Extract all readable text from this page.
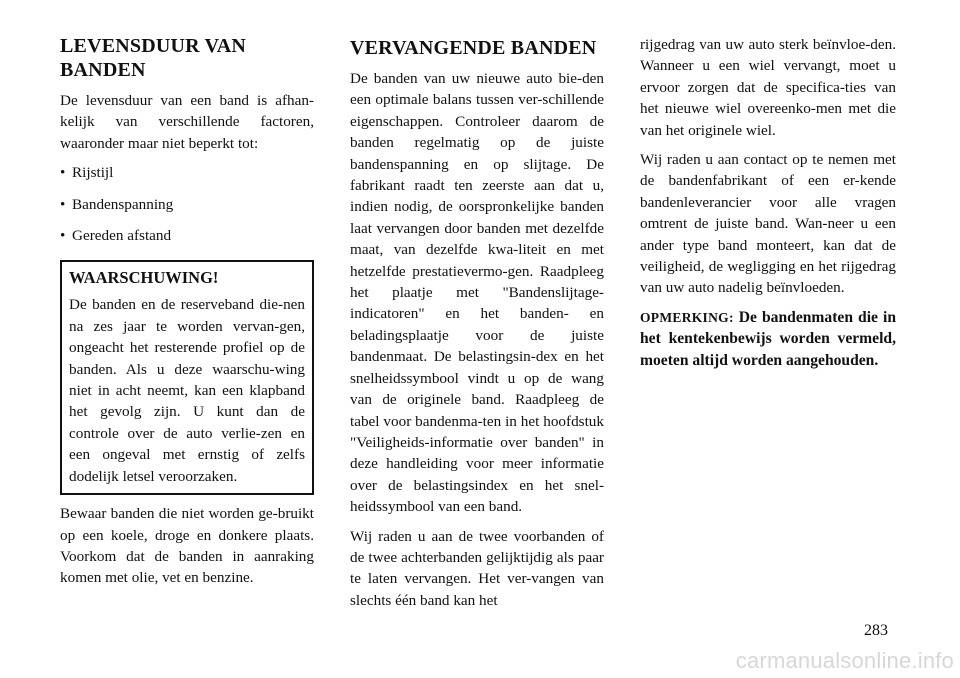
LEVENSDUUR VAN
BANDEN

De levensduur van een band is afhan-kelijk van verschillende factoren, waaronder maar niet beperkt tot:

• Rijstijl
• Bandenspanning
• Gereden afstand
WAARSCHUWING!

De banden en de reserveband die-nen na zes jaar te worden vervan-gen, ongeacht het resterende profiel op de banden. Als u deze waarschu-wing niet in acht neemt, kan een klapband het gevolg zijn. U kunt dan de controle over de auto verlie-zen en een ongeval met ernstig of zelfs dodelijk letsel veroorzaken.

Bewaar banden die niet worden ge-bruikt op een koele, droge en donkere plaats. Voorkom dat de banden in aanraking komen met olie, vet en benzine.

VERVANGENDE BANDEN

De banden van uw nieuwe auto bie-den een optimale balans tussen ver-schillende eigenschappen. Controleer daarom de banden regelmatig op de juiste bandenspanning en op slijtage. De fabrikant raadt ten zeerste aan dat u, indien nodig, de oorspronkelijke banden laat vervangen door banden met dezelfde maat, van dezelfde kwa-liteit en met hetzelfde prestatievermo-gen. Raadpleeg het plaatje met "Bandenslijtage-indicatoren" en het banden- en beladingsplaatje voor de juiste bandenmaat. De belastingsin-dex en het snelheidssymbool vindt u op de wang van de originele band. Raadpleeg de tabel voor bandenma-ten in het hoofdstuk "Veiligheids-informatie over banden" in deze handleiding voor meer informatie over de belastingsindex en het snel-heidssymbool van een band.

Wij raden u aan de twee voorbanden of de twee achterbanden gelijktijdig als paar te laten vervangen. Het ver-vangen van slechts één band kan het

rijgedrag van uw auto sterk beïnvloe-den. Wanneer u een wiel vervangt, moet u ervoor zorgen dat de specifica-ties van het nieuwe wiel overeenko-men met die van het originele wiel.

Wij raden u aan contact op te nemen met de bandenfabrikant of een er-kende bandenleverancier voor alle vragen omtrent de juiste band. Wan-neer u een ander type band monteert, kan dat de veiligheid, de wegligging en het rijgedrag van uw auto nadelig beïnvloeden.

OPMERKING: De bandenmaten die in het kentekenbewijs worden vermeld, moeten altijd worden aangehouden.

283
carmanualsonline.info
